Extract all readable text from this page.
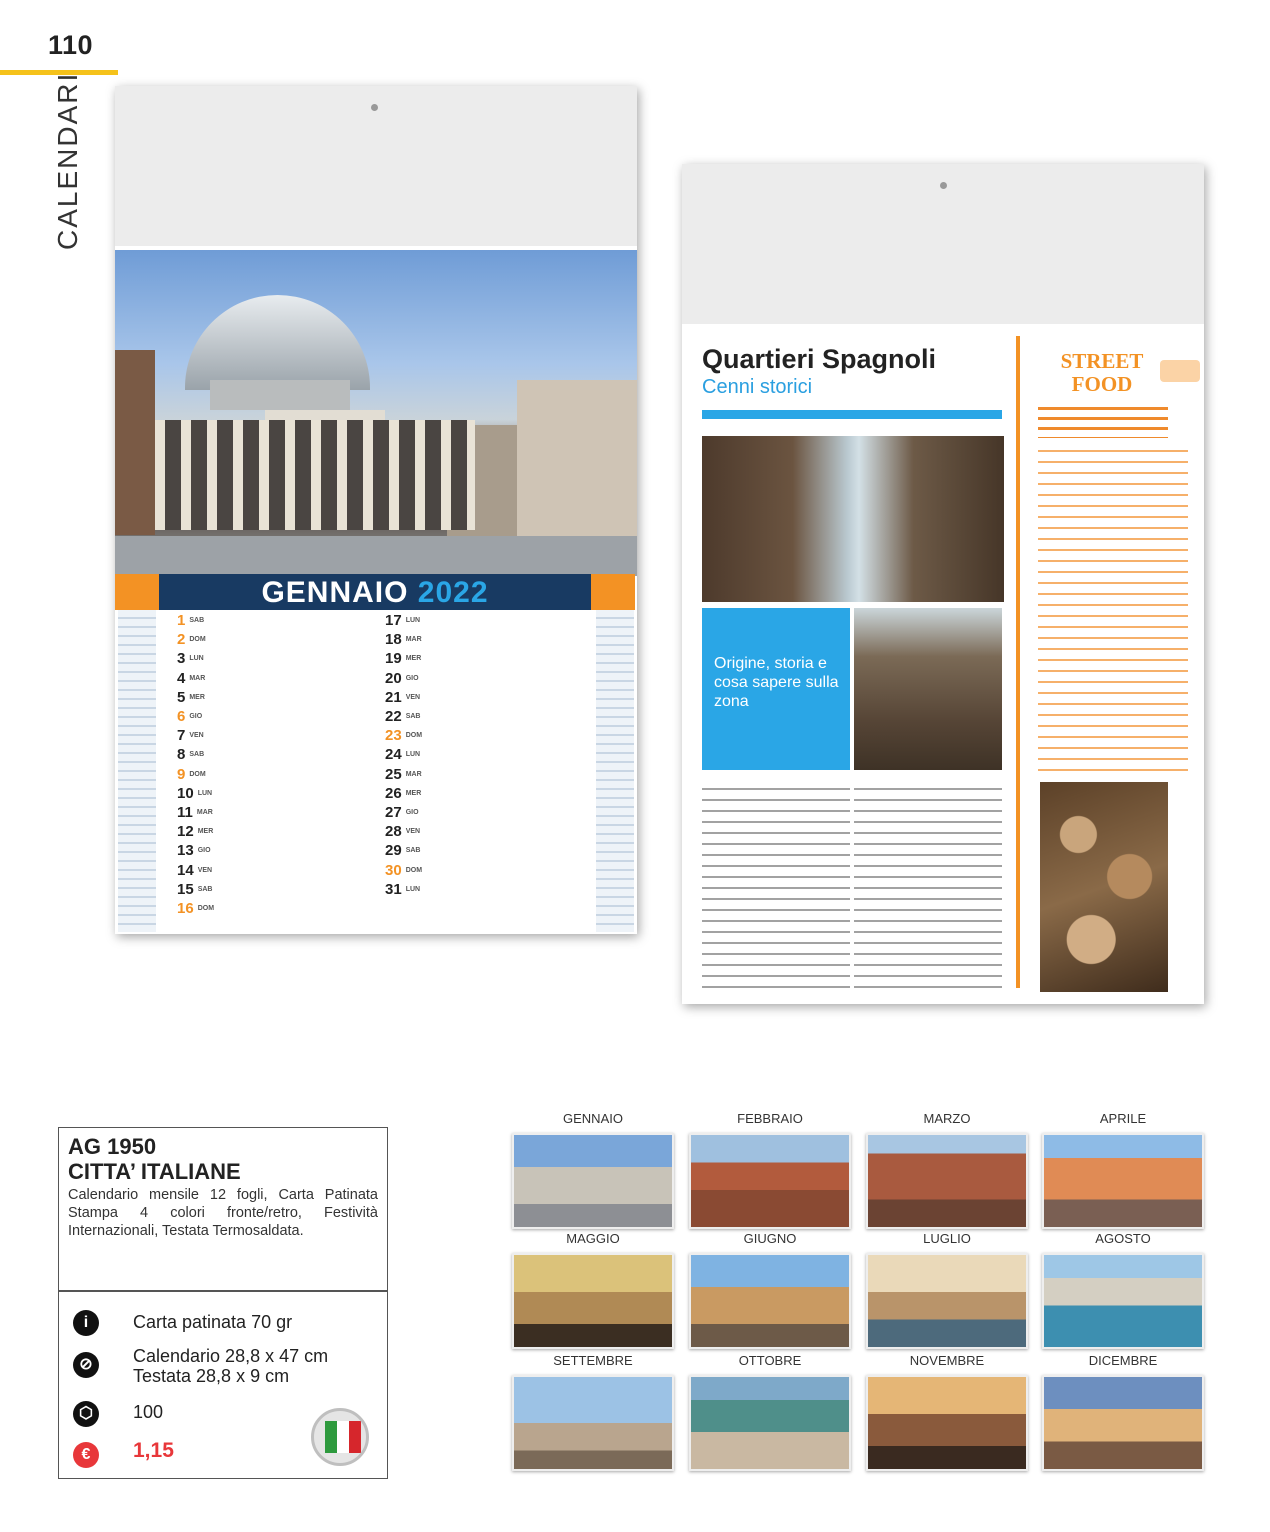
110
CALENDARI
GENNAIO 2022
1 SAB
2 DOM
3 LUN
4 MAR
5 MER
6 GIO
7 VEN
8 SAB
9 DOM
10 LUN
11 MAR
12 MER
13 GIO
14 VEN
15 SAB
16 DOM
17 LUN
18 MAR
19 MER
20 GIO
21 VEN
22 SAB
23 DOM
24 LUN
25 MAR
26 MER
27 GIO
28 VEN
29 SAB
30 DOM
31 LUN
Quartieri Spagnoli
Cenni storici
Origine, storia e cosa sapere sulla zona
STREET FOOD
AG 1950
CITTA’ ITALIANE
Calendario mensile 12 fogli, Carta Patinata Stampa 4 colori fronte/retro, Festività Internazionali, Testata Termosaldata.
i	Carta patinata 70 gr
⊘	Calendario 28,8 x 47 cm
Testata 28,8 x 9 cm
⬡	100
€	1,15
GENNAIO	FEBBRAIO	MARZO	APRILE
MAGGIO	GIUGNO	LUGLIO	AGOSTO
SETTEMBRE	OTTOBRE	NOVEMBRE	DICEMBRE
